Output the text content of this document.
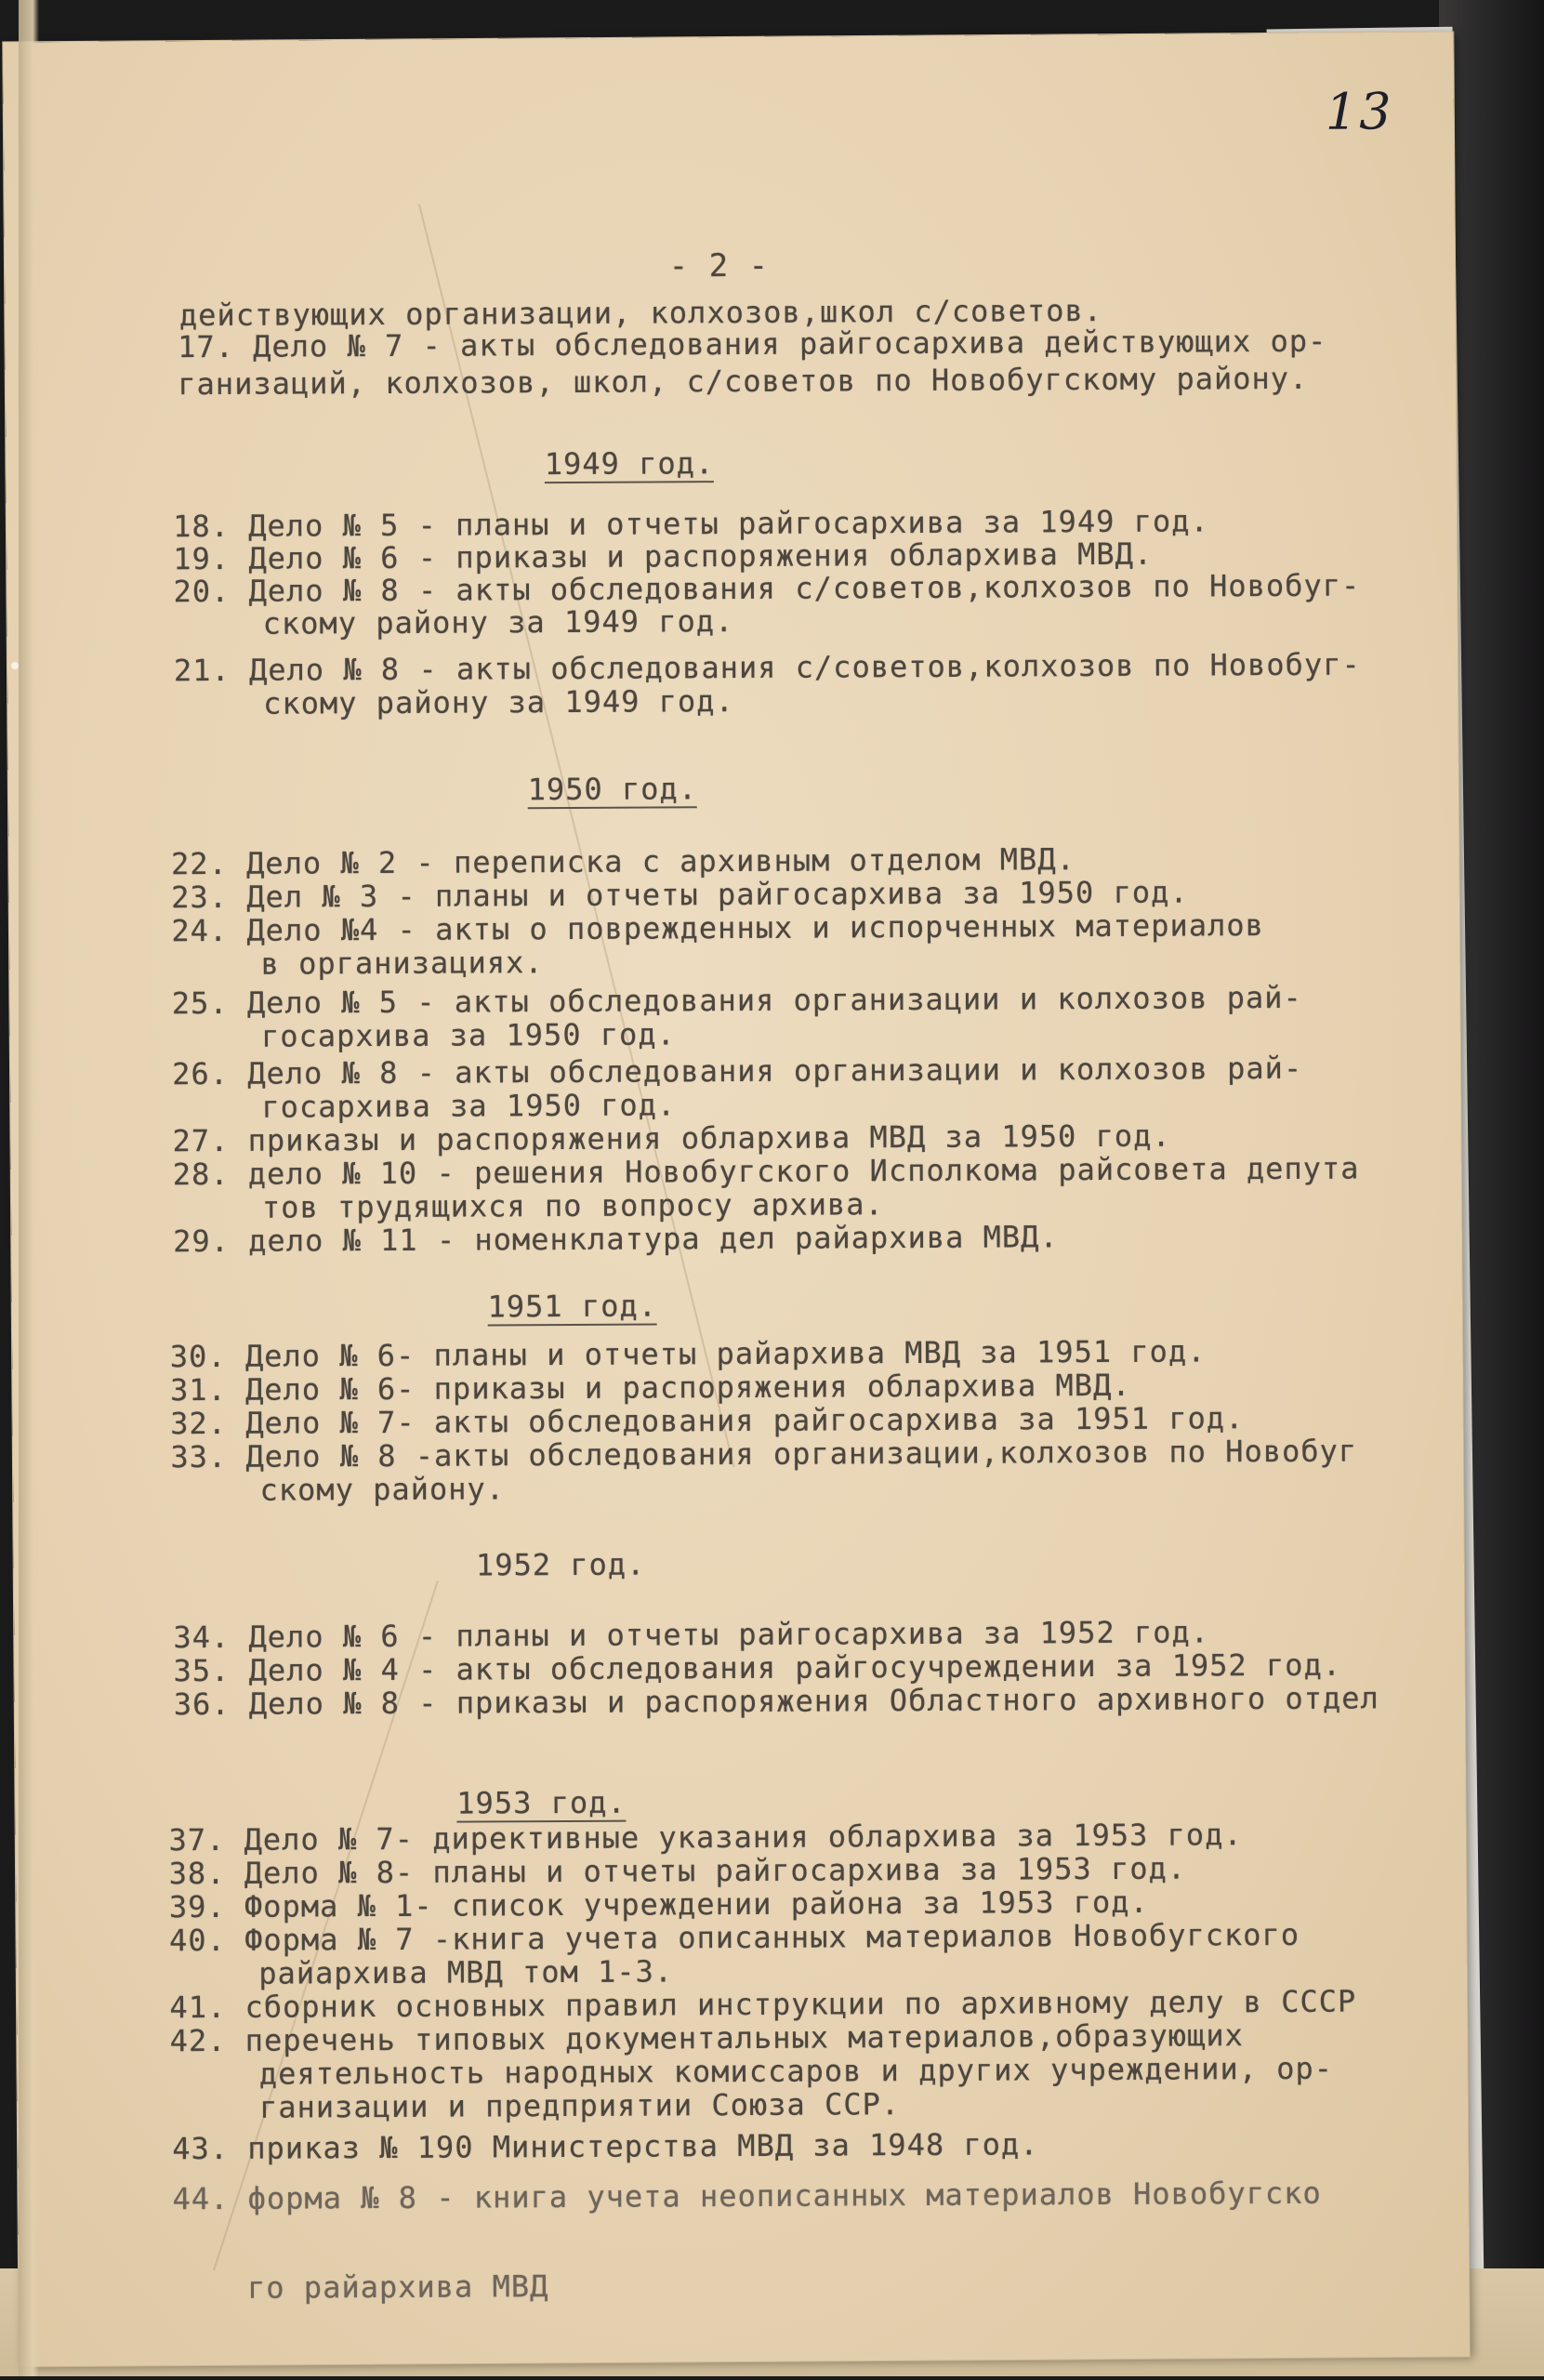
13
- 2 -
действующих организации, колхозов,школ с/советов.
17. Дело № 7 - акты обследования райгосархива действующих ор-
ганизаций, колхозов, школ, с/советов по Новобугскому району.
1949 год.
18. Дело № 5 - планы и отчеты райгосархива за 1949 год.
19. Дело № 6 - приказы и распоряжения облархива МВД.
20. Дело № 8 - акты обследования с/советов,колхозов по Новобуг-
скому району за 1949 год.
21. Дело № 8 - акты обследования с/советов,колхозов по Новобуг-
скому району за 1949 год.
1950 год.
22. Дело № 2 - переписка с архивным отделом МВД.
23. Дел № 3 - планы и отчеты райгосархива за 1950 год.
24. Дело №4 - акты о поврежденных и испорченных материалов
в организациях.
25. Дело № 5 - акты обследования организации и колхозов рай-
госархива за 1950 год.
26. Дело № 8 - акты обследования организации и колхозов рай-
госархива за 1950 год.
27. приказы и распоряжения облархива МВД за 1950 год.
28. дело № 10 - решения Новобугского Исполкома райсовета депута
тов трудящихся по вопросу архива.
29. дело № 11 - номенклатура дел райархива МВД.
1951 год.
30. Дело № 6- планы и отчеты райархива МВД за 1951 год.
31. Дело № 6- приказы и распоряжения облархива МВД.
32. Дело № 7- акты обследования райгосархива за 1951 год.
33. Дело № 8 -акты обследования организации,колхозов по Новобуг
скому району.
1952 год.
34. Дело № 6 - планы и отчеты райгосархива за 1952 год.
35. Дело № 4 - акты обследования райгосучреждении за 1952 год.
36. Дело № 8 - приказы и распоряжения Областного архивного отдел
1953 год.
37. Дело № 7- директивные указания облархива за 1953 год.
38. Дело № 8- планы и отчеты райгосархива за 1953 год.
39. Форма № 1- список учреждении района за 1953 год.
40. Форма № 7 -книга учета описанных материалов Новобугского
райархива МВД том 1-3.
41. сборник основных правил инструкции по архивному делу в СССР
42. перечень типовых документальных материалов,образующих
деятельность народных комиссаров и других учреждении, ор-
ганизации и предприятии Союза ССР.
43. приказ № 190 Министерства МВД за 1948 год.
44. форма № 8 - книга учета неописанных материалов Новобугско
го райархива МВД
